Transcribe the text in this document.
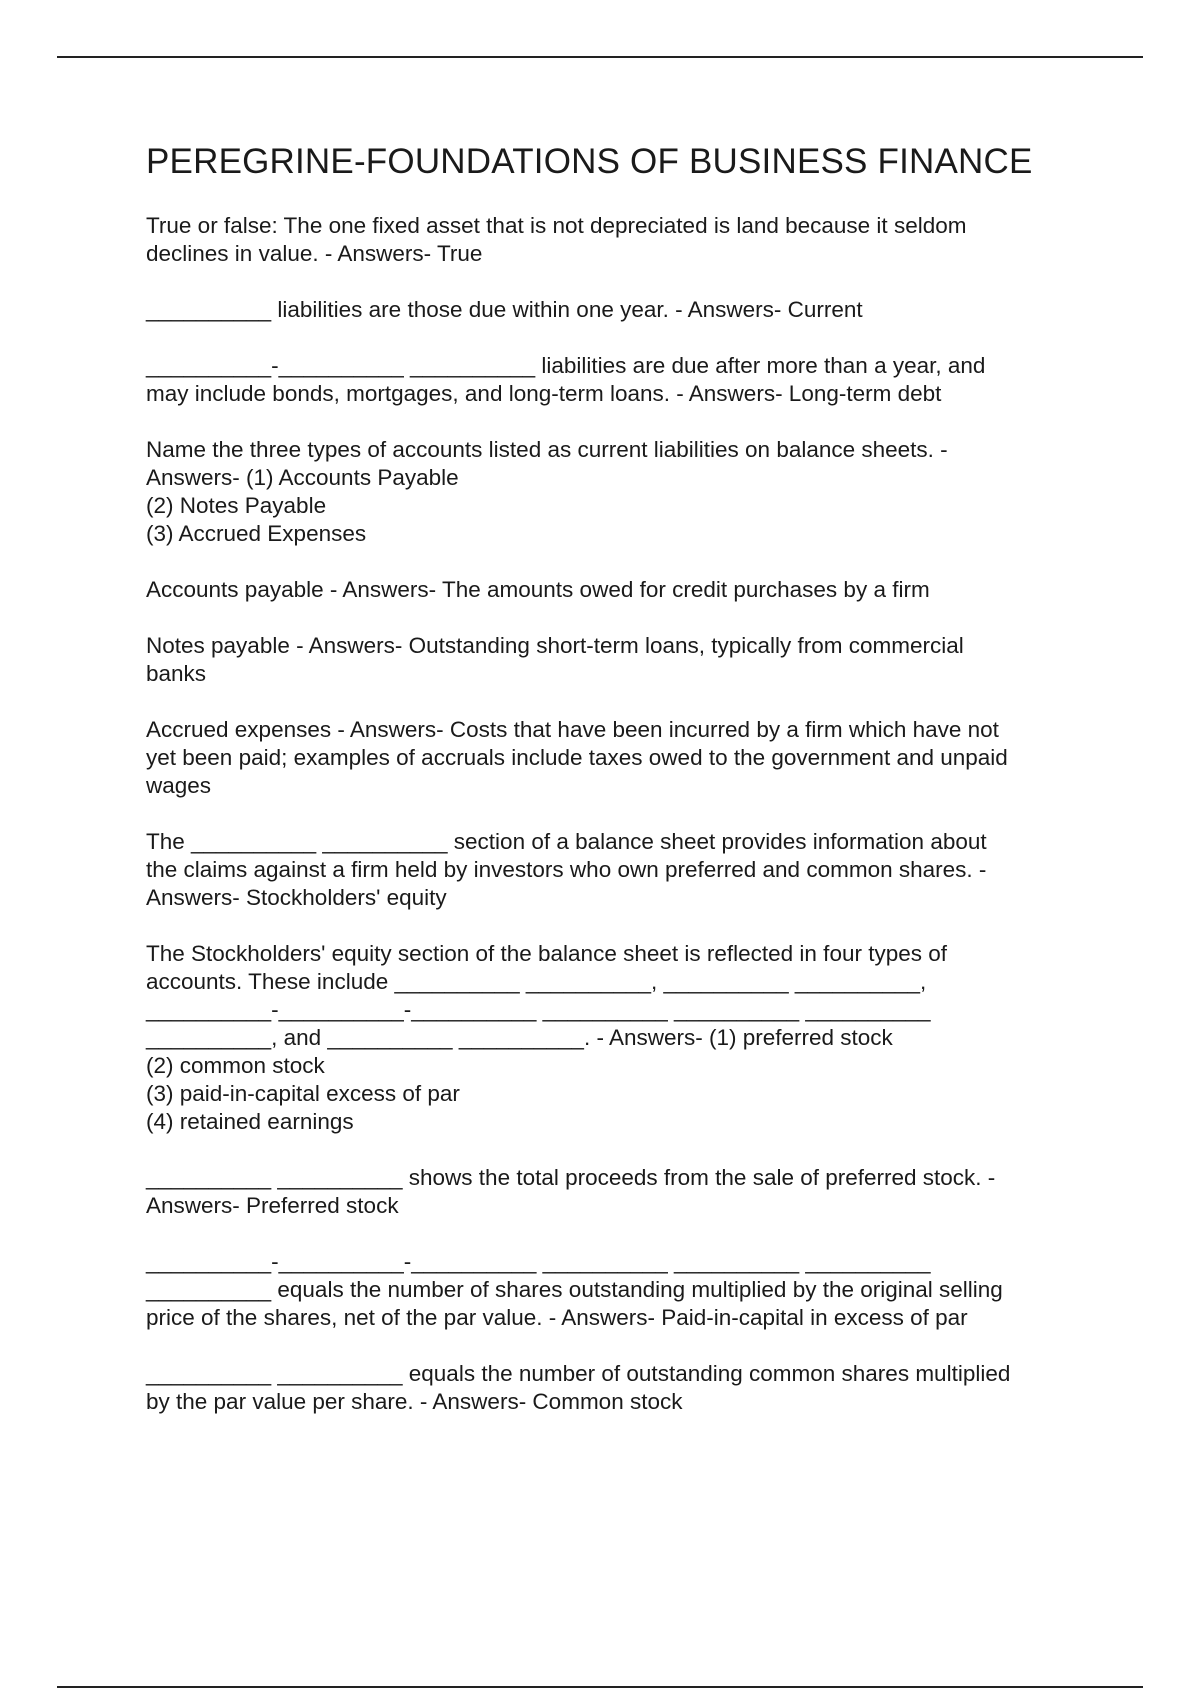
PEREGRINE-FOUNDATIONS OF BUSINESS FINANCE

True or false: The one fixed asset that is not depreciated is land because it seldom
declines in value. - Answers- True

__________ liabilities are those due within one year. - Answers- Current

__________-__________ __________ liabilities are due after more than a year, and
may include bonds, mortgages, and long-term loans. - Answers- Long-term debt

Name the three types of accounts listed as current liabilities on balance sheets. -
Answers- (1) Accounts Payable
(2) Notes Payable
(3) Accrued Expenses

Accounts payable - Answers- The amounts owed for credit purchases by a firm

Notes payable - Answers- Outstanding short-term loans, typically from commercial
banks

Accrued expenses - Answers- Costs that have been incurred by a firm which have not
yet been paid; examples of accruals include taxes owed to the government and unpaid
wages

The __________ __________ section of a balance sheet provides information about
the claims against a firm held by investors who own preferred and common shares. -
Answers- Stockholders' equity

The Stockholders' equity section of the balance sheet is reflected in four types of
accounts. These include __________ __________, __________ __________,
__________-__________-__________ __________ __________ __________
__________, and __________ __________. - Answers- (1) preferred stock
(2) common stock
(3) paid-in-capital excess of par
(4) retained earnings

__________ __________ shows the total proceeds from the sale of preferred stock. -
Answers- Preferred stock

__________-__________-__________ __________ __________ __________
__________ equals the number of shares outstanding multiplied by the original selling
price of the shares, net of the par value. - Answers- Paid-in-capital in excess of par

__________ __________ equals the number of outstanding common shares multiplied
by the par value per share. - Answers- Common stock
